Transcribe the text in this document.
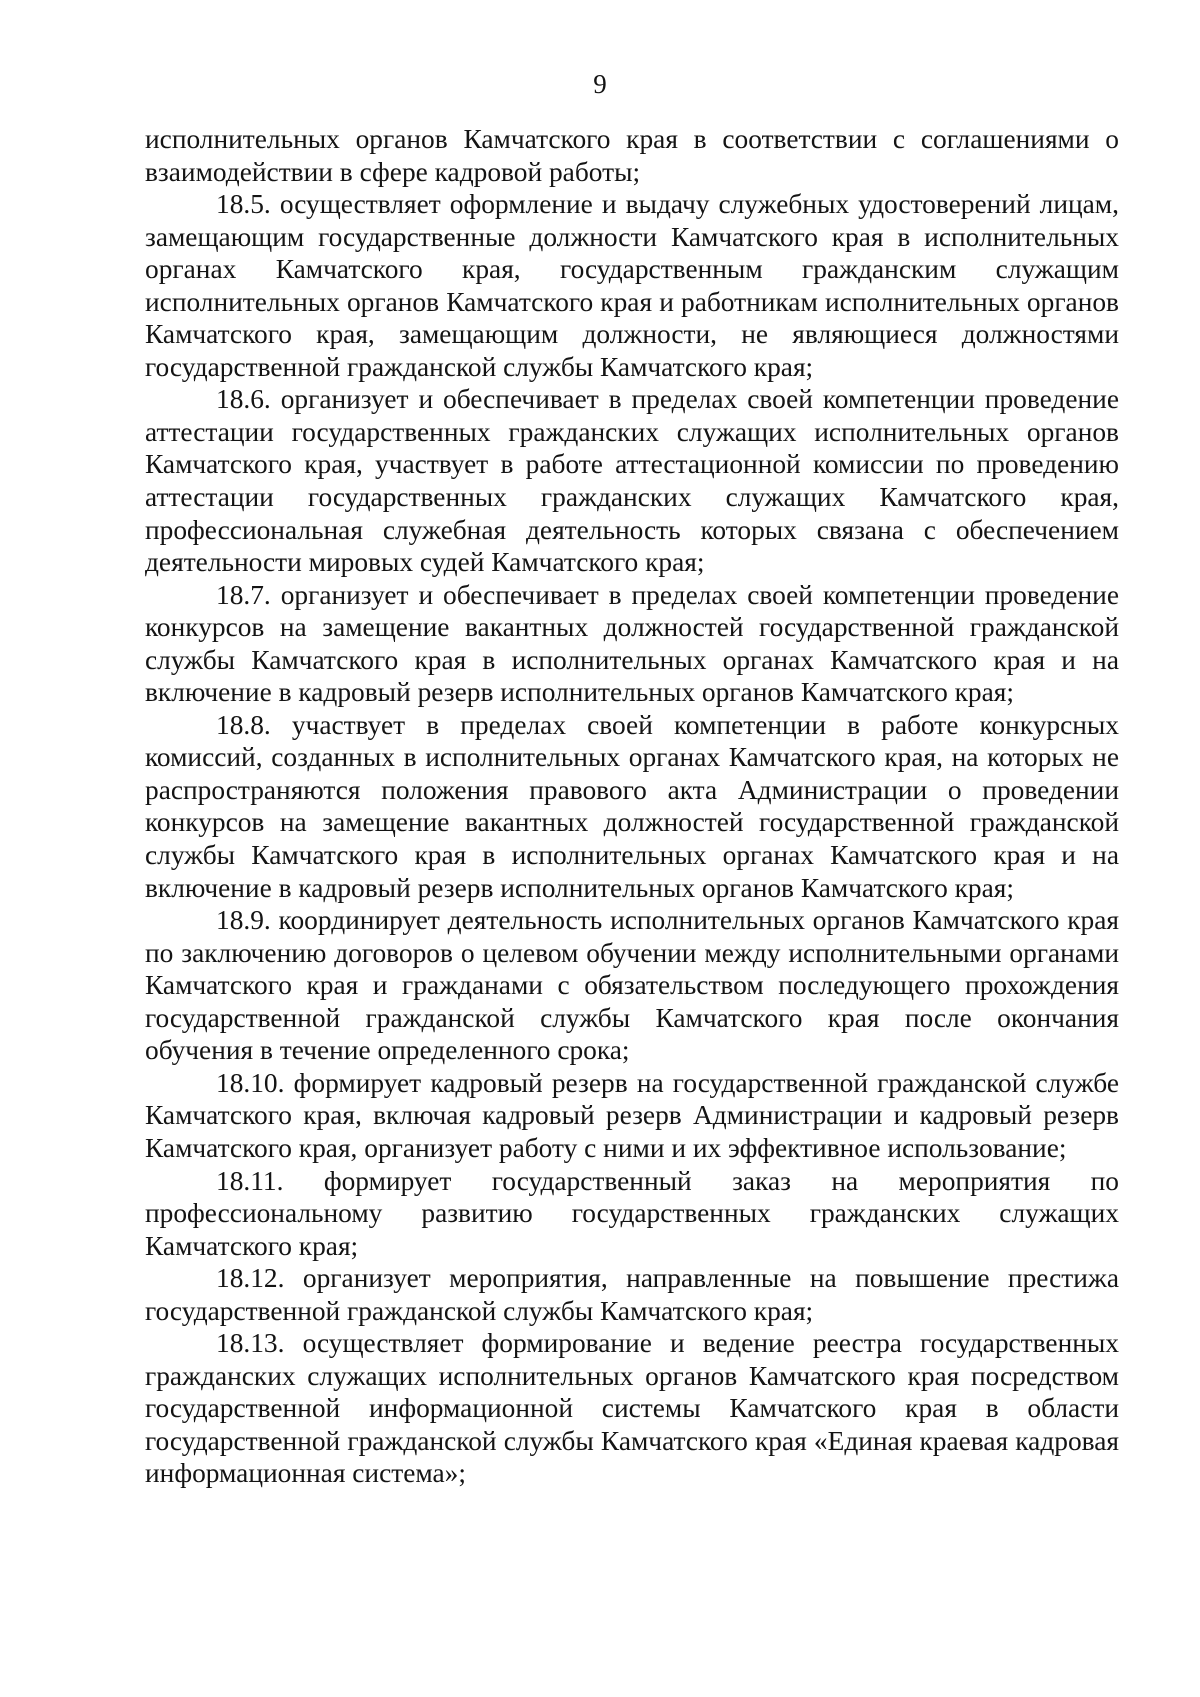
9

исполнительных органов Камчатского края в соответствии с соглашениями о взаимодействии в сфере кадровой работы;

18.5. осуществляет оформление и выдачу служебных удостоверений лицам, замещающим государственные должности Камчатского края в исполнительных органах Камчатского края, государственным гражданским служащим исполнительных органов Камчатского края и работникам исполнительных органов Камчатского края, замещающим должности, не являющиеся должностями государственной гражданской службы Камчатского края;

18.6. организует и обеспечивает в пределах своей компетенции проведение аттестации государственных гражданских служащих исполнительных органов Камчатского края, участвует в работе аттестационной комиссии по проведению аттестации государственных гражданских служащих Камчатского края, профессиональная служебная деятельность которых связана с обеспечением деятельности мировых судей Камчатского края;

18.7. организует и обеспечивает в пределах своей компетенции проведение конкурсов на замещение вакантных должностей государственной гражданской службы Камчатского края в исполнительных органах Камчатского края и на включение в кадровый резерв исполнительных органов Камчатского края;

18.8. участвует в пределах своей компетенции в работе конкурсных комиссий, созданных в исполнительных органах Камчатского края, на которых не распространяются положения правового акта Администрации о проведении конкурсов на замещение вакантных должностей государственной гражданской службы Камчатского края в исполнительных органах Камчатского края и на включение в кадровый резерв исполнительных органов Камчатского края;

18.9. координирует деятельность исполнительных органов Камчатского края по заключению договоров о целевом обучении между исполнительными органами Камчатского края и гражданами с обязательством последующего прохождения государственной гражданской службы Камчатского края после окончания обучения в течение определенного срока;

18.10. формирует кадровый резерв на государственной гражданской службе Камчатского края, включая кадровый резерв Администрации и кадровый резерв Камчатского края, организует работу с ними и их эффективное использование;

18.11. формирует государственный заказ на мероприятия по профессиональному развитию государственных гражданских служащих Камчатского края;

18.12. организует мероприятия, направленные на повышение престижа государственной гражданской службы Камчатского края;

18.13. осуществляет формирование и ведение реестра государственных гражданских служащих исполнительных органов Камчатского края посредством государственной информационной системы Камчатского края в области государственной гражданской службы Камчатского края «Единая краевая кадровая информационная система»;
